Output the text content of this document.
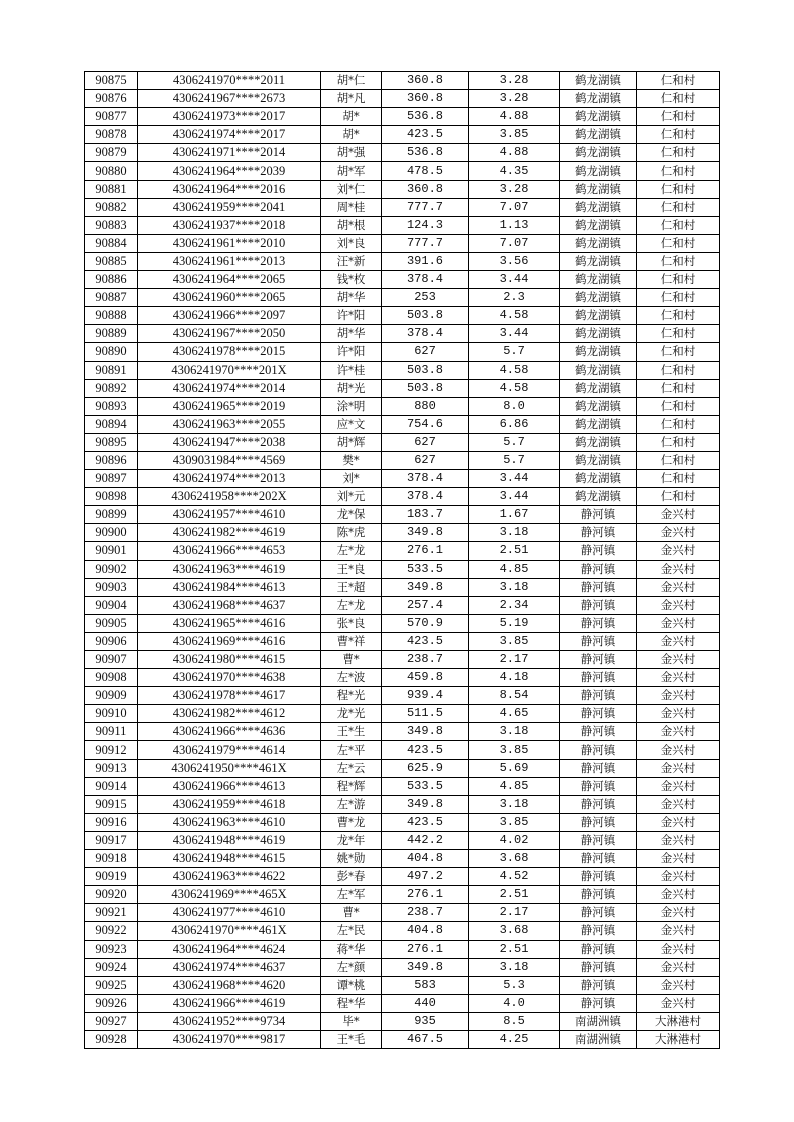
90875	4306241970****2011	胡*仁	360.8	3.28	鹤龙湖镇	仁和村
90876	4306241967****2673	胡*凡	360.8	3.28	鹤龙湖镇	仁和村
90877	4306241973****2017	胡*	536.8	4.88	鹤龙湖镇	仁和村
90878	4306241974****2017	胡*	423.5	3.85	鹤龙湖镇	仁和村
90879	4306241971****2014	胡*强	536.8	4.88	鹤龙湖镇	仁和村
90880	4306241964****2039	胡*军	478.5	4.35	鹤龙湖镇	仁和村
90881	4306241964****2016	刘*仁	360.8	3.28	鹤龙湖镇	仁和村
90882	4306241959****2041	周*桂	777.7	7.07	鹤龙湖镇	仁和村
90883	4306241937****2018	胡*根	124.3	1.13	鹤龙湖镇	仁和村
90884	4306241961****2010	刘*良	777.7	7.07	鹤龙湖镇	仁和村
90885	4306241961****2013	汪*新	391.6	3.56	鹤龙湖镇	仁和村
90886	4306241964****2065	钱*枚	378.4	3.44	鹤龙湖镇	仁和村
90887	4306241960****2065	胡*华	253	2.3	鹤龙湖镇	仁和村
90888	4306241966****2097	许*阳	503.8	4.58	鹤龙湖镇	仁和村
90889	4306241967****2050	胡*华	378.4	3.44	鹤龙湖镇	仁和村
90890	4306241978****2015	许*阳	627	5.7	鹤龙湖镇	仁和村
90891	4306241970****201X	许*桂	503.8	4.58	鹤龙湖镇	仁和村
90892	4306241974****2014	胡*光	503.8	4.58	鹤龙湖镇	仁和村
90893	4306241965****2019	涂*明	880	8.0	鹤龙湖镇	仁和村
90894	4306241963****2055	应*文	754.6	6.86	鹤龙湖镇	仁和村
90895	4306241947****2038	胡*辉	627	5.7	鹤龙湖镇	仁和村
90896	4309031984****4569	樊*	627	5.7	鹤龙湖镇	仁和村
90897	4306241974****2013	刘*	378.4	3.44	鹤龙湖镇	仁和村
90898	4306241958****202X	刘*元	378.4	3.44	鹤龙湖镇	仁和村
90899	4306241957****4610	龙*保	183.7	1.67	静河镇	金兴村
90900	4306241982****4619	陈*虎	349.8	3.18	静河镇	金兴村
90901	4306241966****4653	左*龙	276.1	2.51	静河镇	金兴村
90902	4306241963****4619	王*良	533.5	4.85	静河镇	金兴村
90903	4306241984****4613	王*超	349.8	3.18	静河镇	金兴村
90904	4306241968****4637	左*龙	257.4	2.34	静河镇	金兴村
90905	4306241965****4616	张*良	570.9	5.19	静河镇	金兴村
90906	4306241969****4616	曹*祥	423.5	3.85	静河镇	金兴村
90907	4306241980****4615	曹*	238.7	2.17	静河镇	金兴村
90908	4306241970****4638	左*波	459.8	4.18	静河镇	金兴村
90909	4306241978****4617	程*光	939.4	8.54	静河镇	金兴村
90910	4306241982****4612	龙*光	511.5	4.65	静河镇	金兴村
90911	4306241966****4636	王*生	349.8	3.18	静河镇	金兴村
90912	4306241979****4614	左*平	423.5	3.85	静河镇	金兴村
90913	4306241950****461X	左*云	625.9	5.69	静河镇	金兴村
90914	4306241966****4613	程*辉	533.5	4.85	静河镇	金兴村
90915	4306241959****4618	左*游	349.8	3.18	静河镇	金兴村
90916	4306241963****4610	曹*龙	423.5	3.85	静河镇	金兴村
90917	4306241948****4619	龙*年	442.2	4.02	静河镇	金兴村
90918	4306241948****4615	姚*勋	404.8	3.68	静河镇	金兴村
90919	4306241963****4622	彭*春	497.2	4.52	静河镇	金兴村
90920	4306241969****465X	左*军	276.1	2.51	静河镇	金兴村
90921	4306241977****4610	曹*	238.7	2.17	静河镇	金兴村
90922	4306241970****461X	左*民	404.8	3.68	静河镇	金兴村
90923	4306241964****4624	蒋*华	276.1	2.51	静河镇	金兴村
90924	4306241974****4637	左*颜	349.8	3.18	静河镇	金兴村
90925	4306241968****4620	谭*桃	583	5.3	静河镇	金兴村
90926	4306241966****4619	程*华	440	4.0	静河镇	金兴村
90927	4306241952****9734	毕*	935	8.5	南湖洲镇	大淋港村
90928	4306241970****9817	王*毛	467.5	4.25	南湖洲镇	大淋港村
